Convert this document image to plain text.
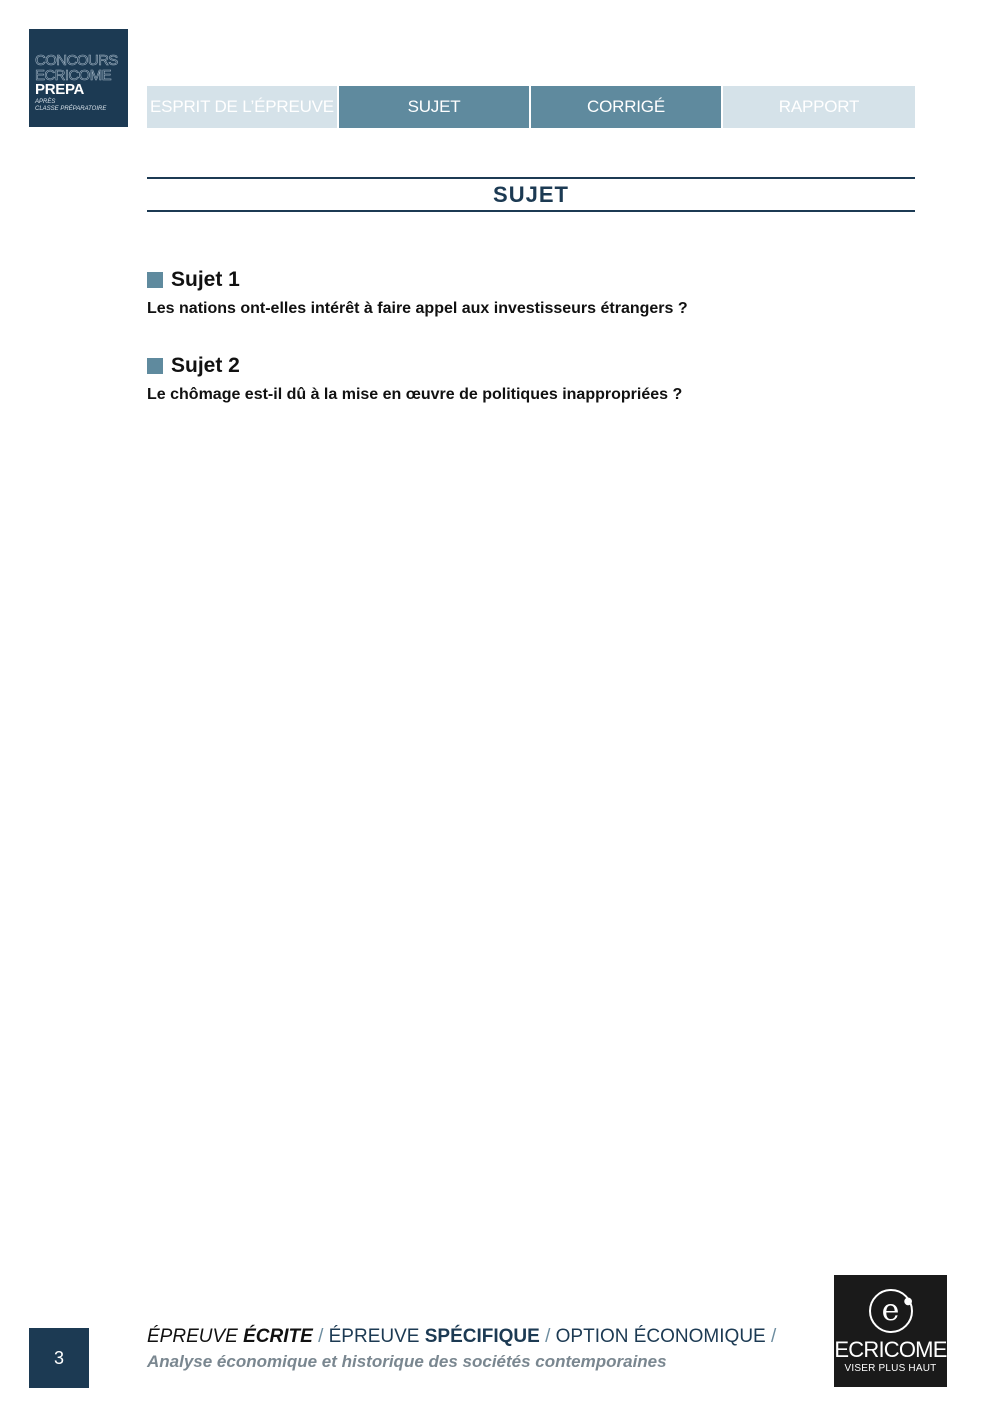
CONCOURS
ECRICOME
PREPA
APRÈS
CLASSE PRÉPARATOIRE	ESPRIT DE L’ÉPREUVE	SUJET	CORRIGÉ	RAPPORT
SUJET
Sujet 1
Les nations ont-elles intérêt à faire appel aux investisseurs étrangers ?
Sujet 2
Le chômage est-il dû à la mise en œuvre de politiques inappropriées ?
3
ÉPREUVE ÉCRITE / ÉPREUVE SPÉCIFIQUE / OPTION ÉCONOMIQUE /
Analyse économique et historique des sociétés contemporaines
e ●
ECRICOME
VISER PLUS HAUT
